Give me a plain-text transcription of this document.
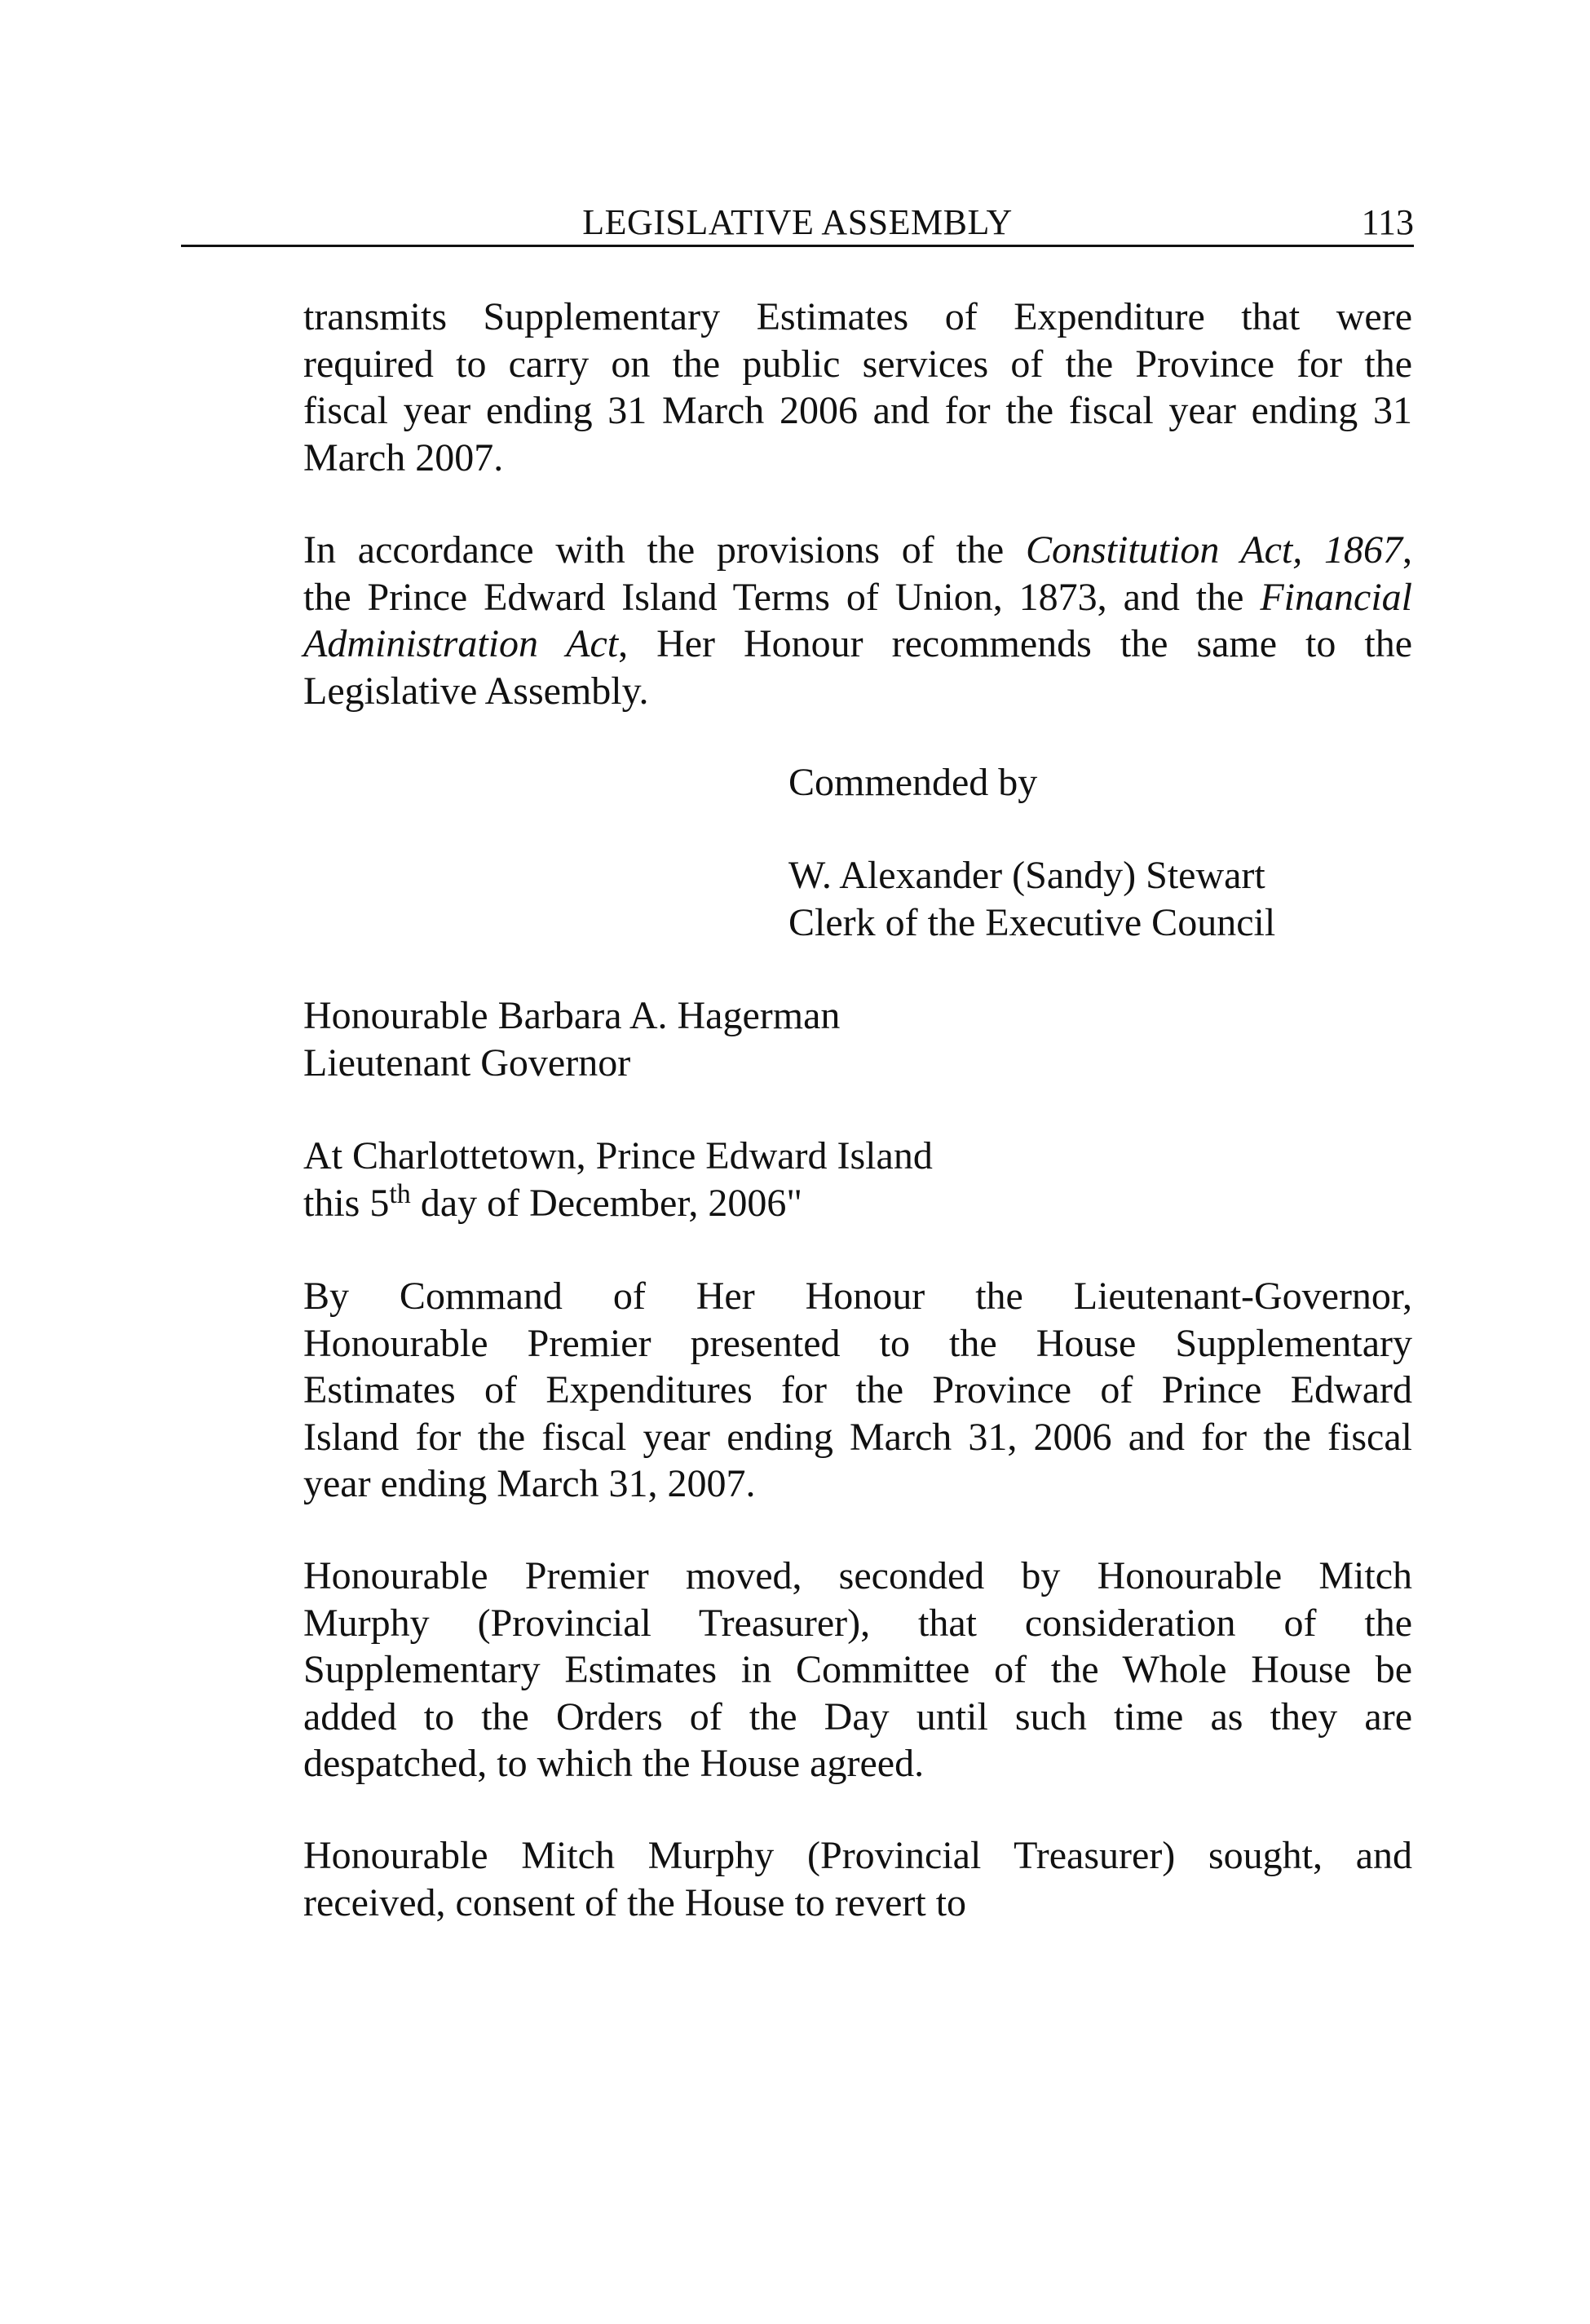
LEGISLATIVE ASSEMBLY	113
transmits Supplementary Estimates of Expenditure that were
required to carry on the public services of the Province for the
fiscal year ending 31 March 2006 and for the fiscal year ending 31
March 2007.
In accordance with the provisions of the Constitution Act, 1867,
the Prince Edward Island Terms of Union, 1873, and the Financial
Administration Act, Her Honour recommends the same to the
Legislative Assembly.
Commended by
W. Alexander (Sandy) Stewart
Clerk of the Executive Council
Honourable Barbara A. Hagerman
Lieutenant Governor
At Charlottetown, Prince Edward Island
this 5th day of December, 2006"
By Command of Her Honour the Lieutenant-Governor,
Honourable Premier presented to the House Supplementary
Estimates of Expenditures for the Province of Prince Edward
Island for the fiscal year ending March 31, 2006 and for the fiscal
year ending March 31, 2007.
Honourable Premier moved, seconded by Honourable Mitch
Murphy (Provincial Treasurer), that consideration of the
Supplementary Estimates in Committee of the Whole House be
added to the Orders of the Day until such time as they are
despatched, to which the House agreed.
Honourable Mitch Murphy (Provincial Treasurer) sought, and
received, consent of the House to revert to
